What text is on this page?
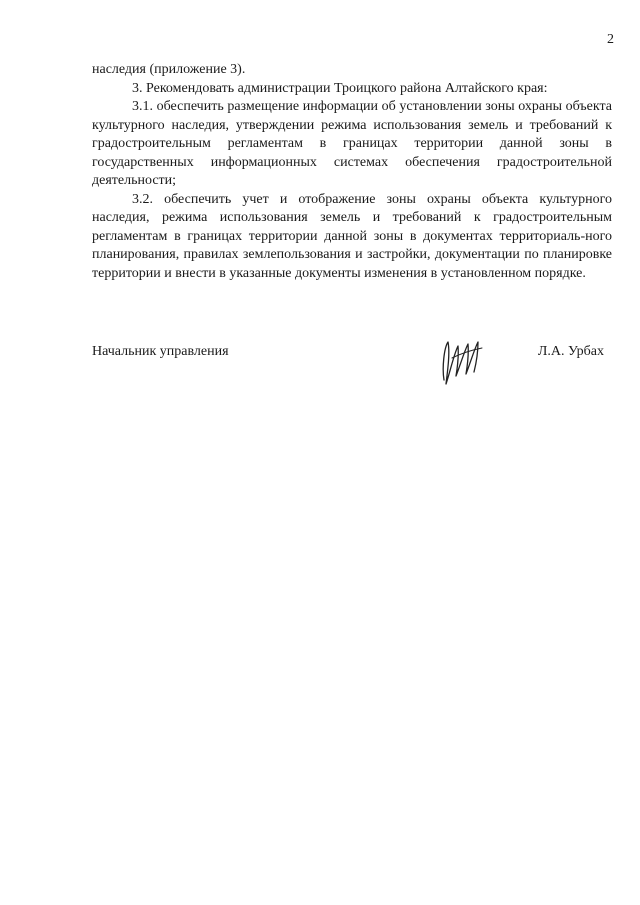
2

наследия (приложение 3).

3. Рекомендовать администрации Троицкого района Алтайского края:

3.1. обеспечить размещение информации об установлении зоны охраны объекта культурного наследия, утверждении режима использования земель и требований к градостроительным регламентам в границах территории данной зоны в государственных информационных системах обеспечения градостроительной деятельности;

3.2. обеспечить учет и отображение зоны охраны объекта культурного наследия, режима использования земель и требований к градостроительным регламентам в границах территории данной зоны в документах территориаль-ного планирования, правилах землепользования и застройки, документации по планировке территории и внести в указанные документы изменения в установленном порядке.

Начальник управления	Л.А. Урбах
